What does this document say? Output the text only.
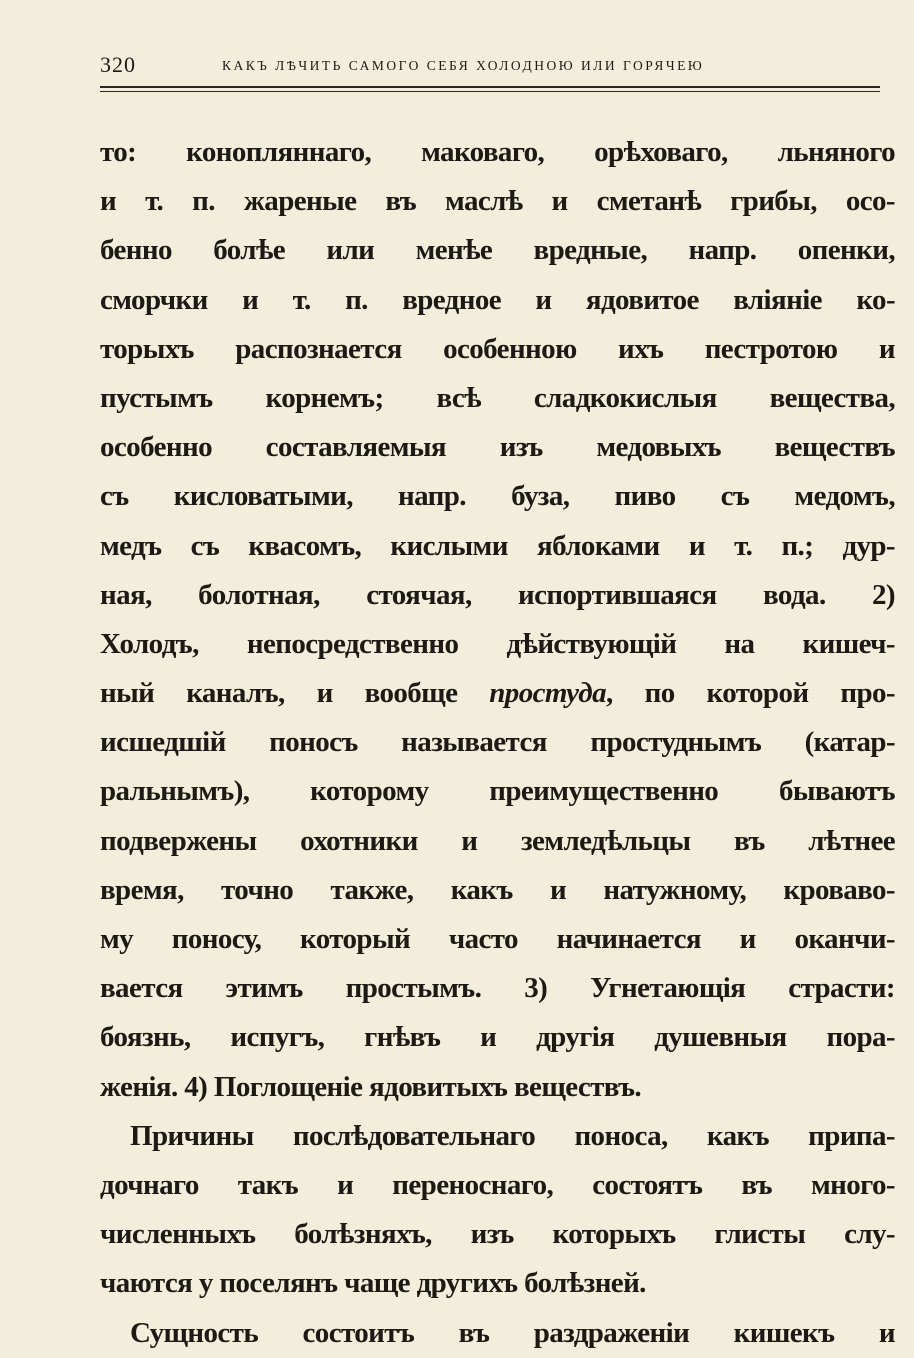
320	КАКЪ ЛѢЧИТЬ САМОГО СЕБЯ ХОЛОДНОЮ ИЛИ ГОРЯЧЕЮ
то: конопляннаго, маковаго, орѣховаго, льняного
и т. п. жареные въ маслѣ и сметанѣ грибы, осо-
бенно болѣе или менѣе вредные, напр. опенки,
сморчки и т. п. вредное и ядовитое вліяніе ко-
торыхъ распознается особенною ихъ пестротою и
пустымъ корнемъ; всѣ сладкокислыя вещества,
особенно составляемыя изъ медовыхъ веществъ
съ кисловатыми, напр. буза, пиво съ медомъ,
медъ съ квасомъ, кислыми яблоками и т. п.; дур-
ная, болотная, стоячая, испортившаяся вода. 2)
Холодъ, непосредственно дѣйствующій на кишеч-
ный каналъ, и вообще простуда, по которой про-
исшедшій поносъ называется простуднымъ (катар-
ральнымъ), которому преимущественно бываютъ
подвержены охотники и земледѣльцы въ лѣтнее
время, точно также, какъ и натужному, кроваво-
му поносу, который часто начинается и оканчи-
вается этимъ простымъ. 3) Угнетающія страсти:
боязнь, испугъ, гнѣвъ и другія душевныя пора-
женія. 4) Поглощеніе ядовитыхъ веществъ.
Причины послѣдовательнаго поноса, какъ припа-
дочнаго такъ и переноснаго, состоятъ въ много-
численныхъ болѣзняхъ, изъ которыхъ глисты слу-
чаются у поселянъ чаще другихъ болѣзней.
Сущность состоитъ въ раздраженіи кишекъ и
